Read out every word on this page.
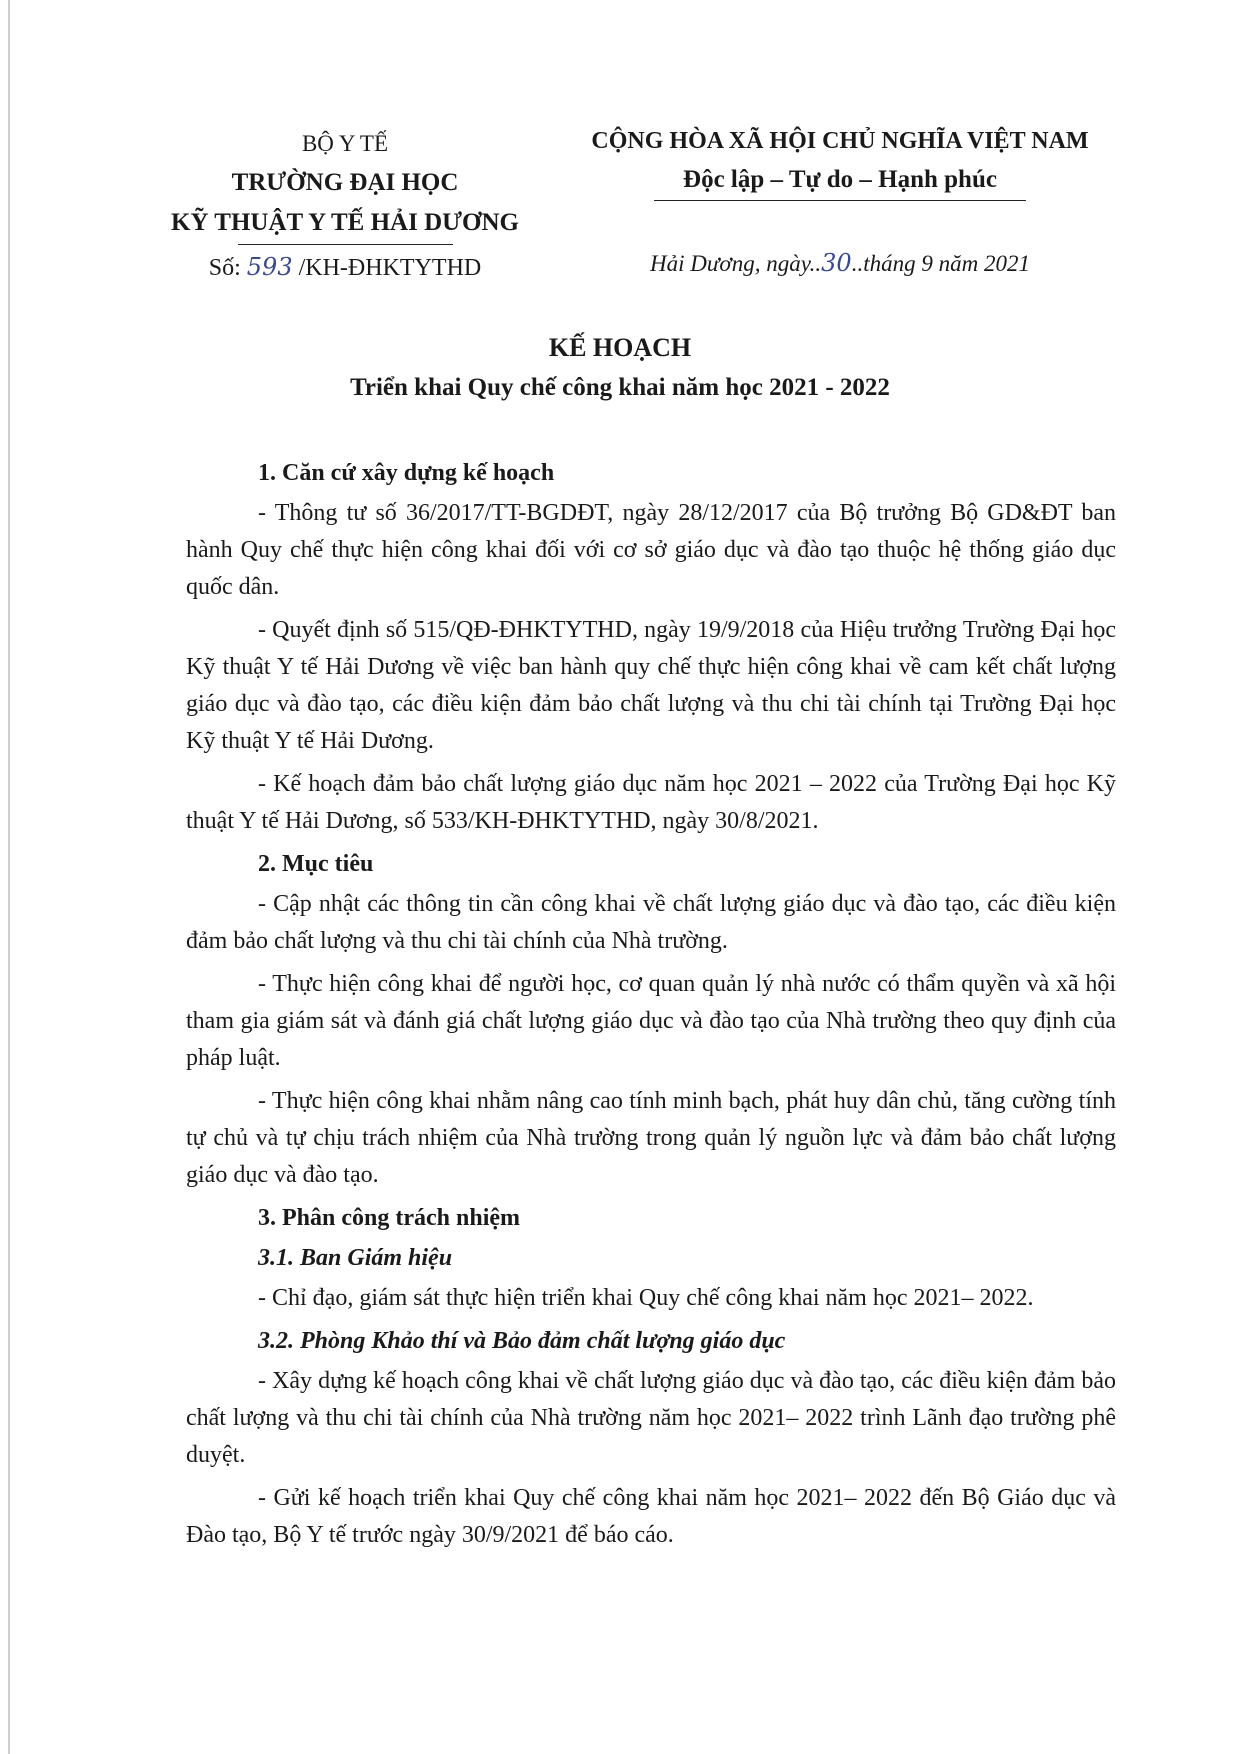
BỘ Y TẾ
TRƯỜNG ĐẠI HỌC
KỸ THUẬT Y TẾ HẢI DƯƠNG
Số: 593 /KH-ĐHKTYTHD
CỘNG HÒA XÃ HỘI CHỦ NGHĨA VIỆT NAM
Độc lập – Tự do – Hạnh phúc
Hải Dương, ngày..30..tháng 9 năm 2021
KẾ HOẠCH
Triển khai Quy chế công khai năm học 2021 - 2022
1. Căn cứ xây dựng kế hoạch

- Thông tư số 36/2017/TT-BGDĐT, ngày 28/12/2017 của Bộ trưởng Bộ GD&ĐT ban hành Quy chế thực hiện công khai đối với cơ sở giáo dục và đào tạo thuộc hệ thống giáo dục quốc dân.

- Quyết định số 515/QĐ-ĐHKTYTHD, ngày 19/9/2018 của Hiệu trưởng Trường Đại học Kỹ thuật Y tế Hải Dương về việc ban hành quy chế thực hiện công khai về cam kết chất lượng giáo dục và đào tạo, các điều kiện đảm bảo chất lượng và thu chi tài chính tại Trường Đại học Kỹ thuật Y tế Hải Dương.

- Kế hoạch đảm bảo chất lượng giáo dục năm học 2021 – 2022 của Trường Đại học Kỹ thuật Y tế Hải Dương, số 533/KH-ĐHKTYTHD, ngày 30/8/2021.

2. Mục tiêu

- Cập nhật các thông tin cần công khai về chất lượng giáo dục và đào tạo, các điều kiện đảm bảo chất lượng và thu chi tài chính của Nhà trường.

- Thực hiện công khai để người học, cơ quan quản lý nhà nước có thẩm quyền và xã hội tham gia giám sát và đánh giá chất lượng giáo dục và đào tạo của Nhà trường theo quy định của pháp luật.

- Thực hiện công khai nhằm nâng cao tính minh bạch, phát huy dân chủ, tăng cường tính tự chủ và tự chịu trách nhiệm của Nhà trường trong quản lý nguồn lực và đảm bảo chất lượng giáo dục và đào tạo.

3. Phân công trách nhiệm
3.1. Ban Giám hiệu

- Chỉ đạo, giám sát thực hiện triển khai Quy chế công khai năm học 2021– 2022.

3.2. Phòng Khảo thí và Bảo đảm chất lượng giáo dục

- Xây dựng kế hoạch công khai về chất lượng giáo dục và đào tạo, các điều kiện đảm bảo chất lượng và thu chi tài chính của Nhà trường năm học 2021– 2022 trình Lãnh đạo trường phê duyệt.

- Gửi kế hoạch triển khai Quy chế công khai năm học 2021– 2022 đến Bộ Giáo dục và Đào tạo, Bộ Y tế trước ngày 30/9/2021 để báo cáo.
